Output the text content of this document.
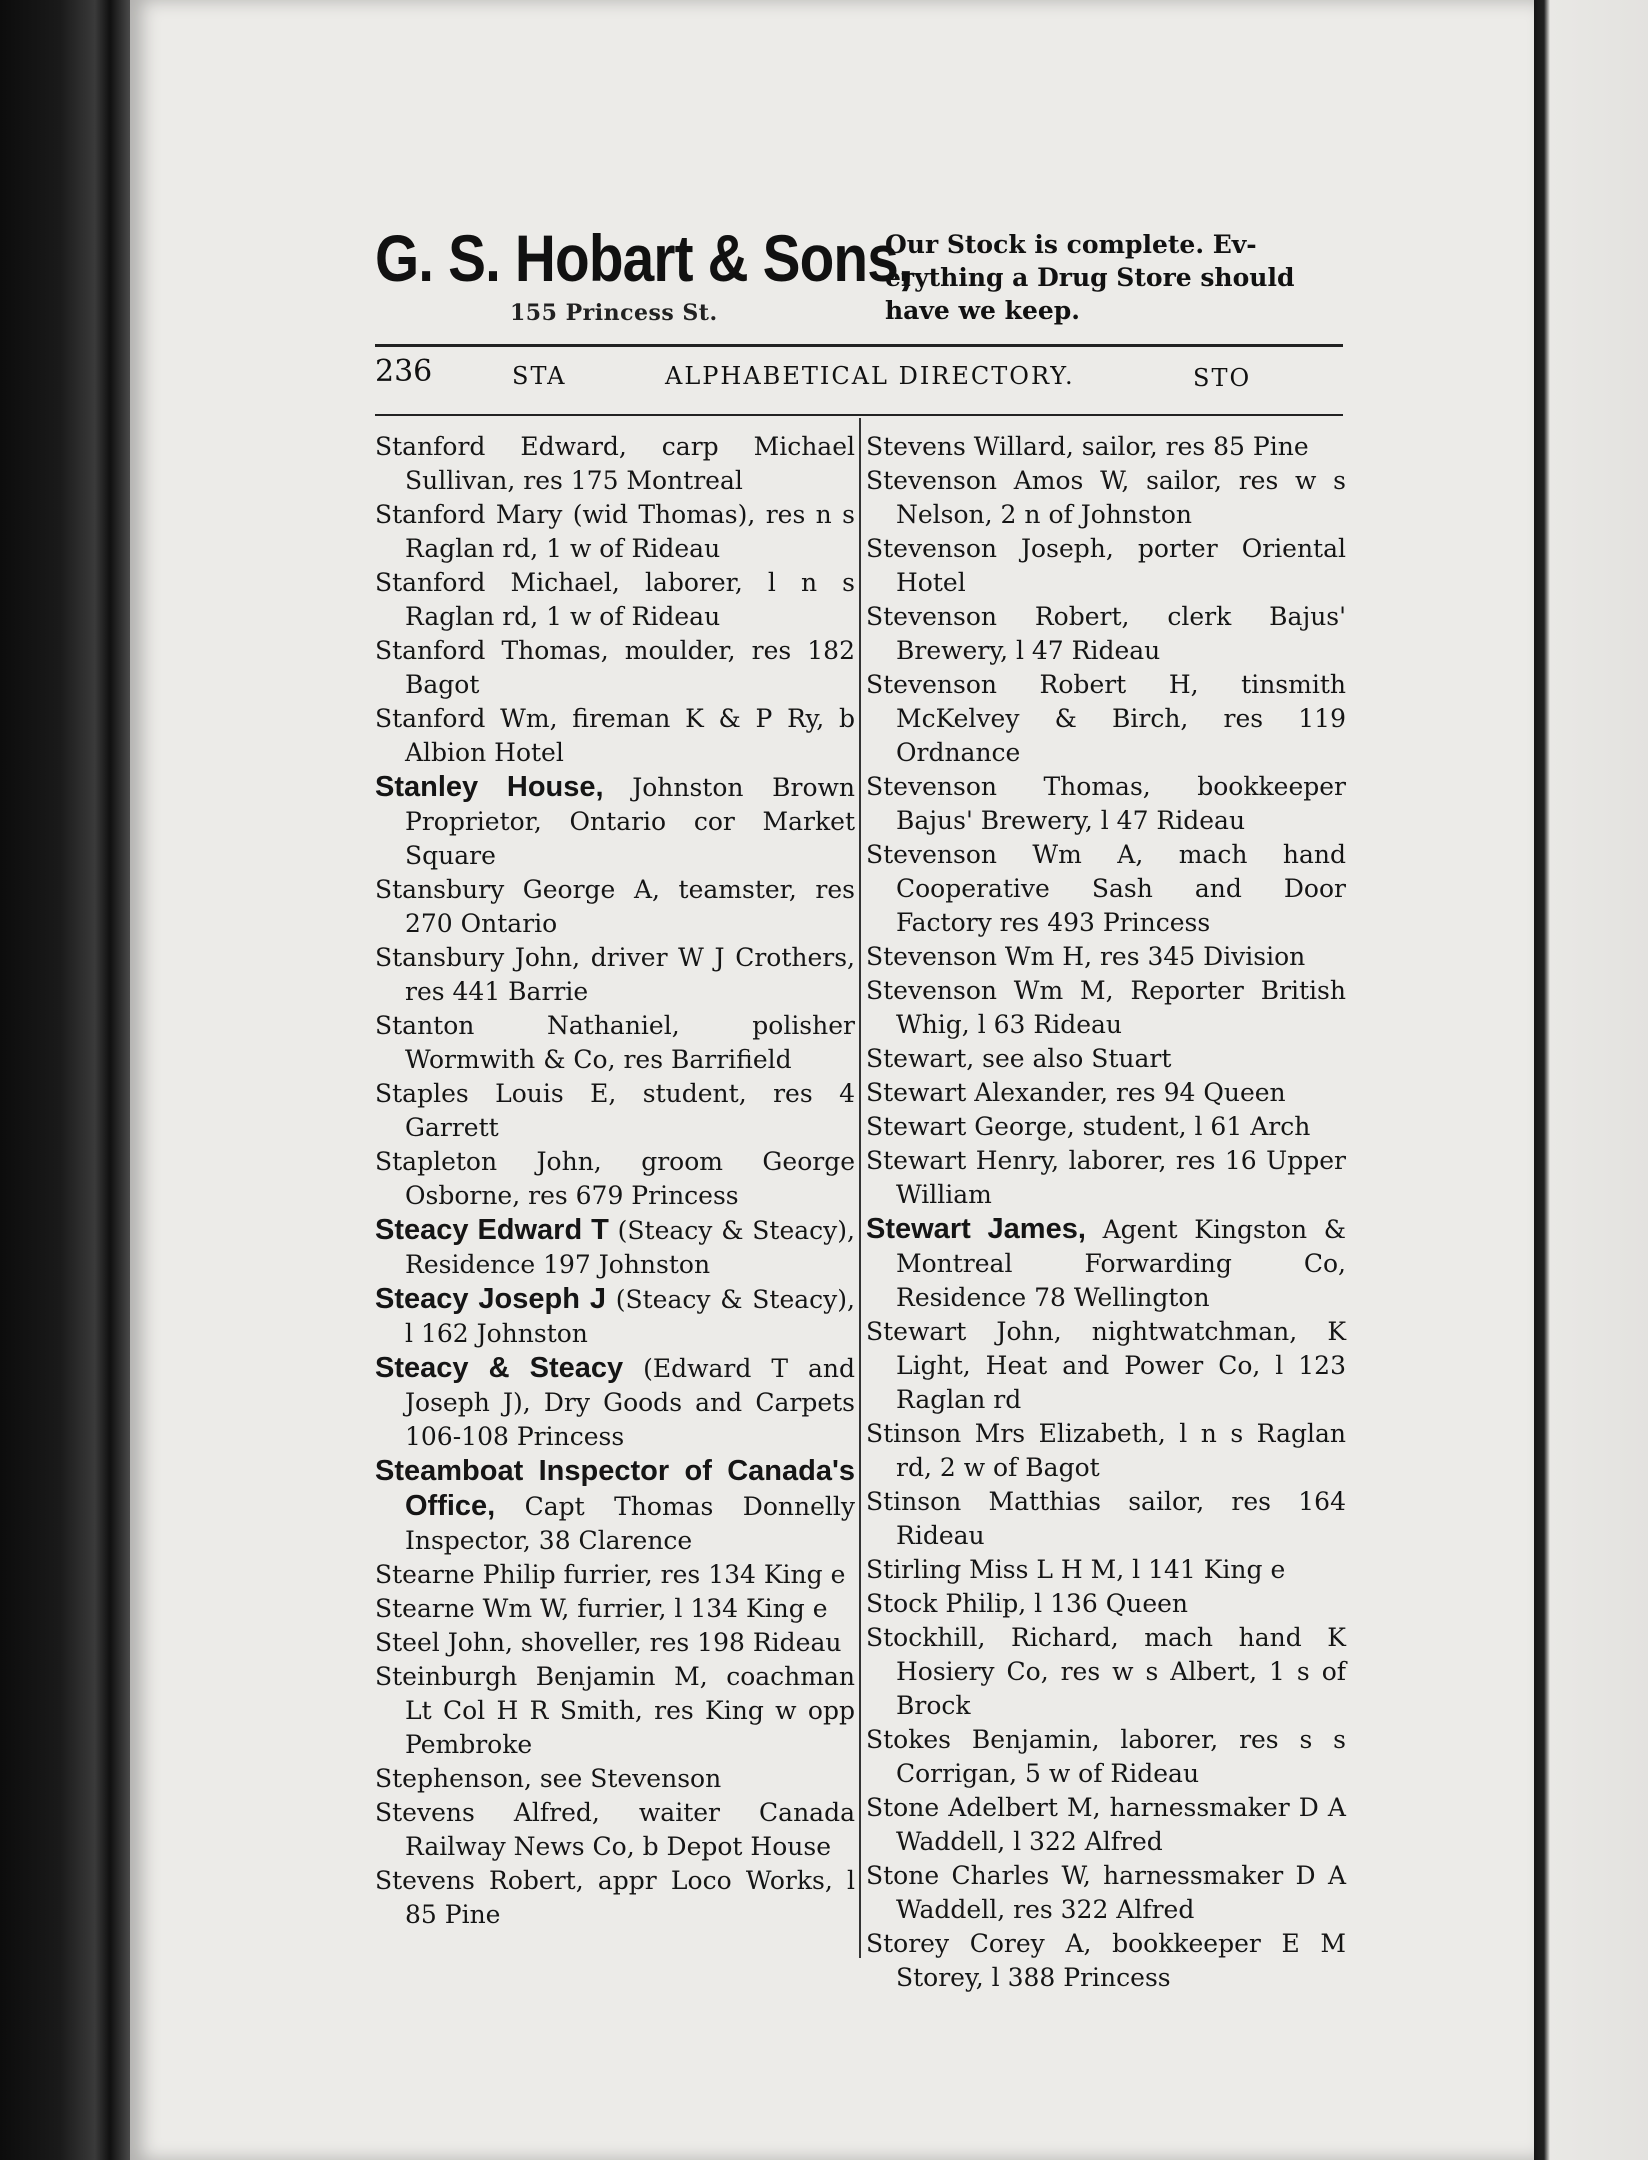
G. S. Hobart & Sons,
155 Princess St.
Our Stock is complete. Ev-
erything a Drug Store should
have we keep.
236	STA	ALPHABETICAL DIRECTORY.	STO

Stanford Edward, carp Michael Sullivan, res 175 Montreal

Stanford Mary (wid Thomas), res n s Raglan rd, 1 w of Rideau

Stanford Michael, laborer, l n s Raglan rd, 1 w of Rideau

Stanford Thomas, moulder, res 182 Bagot

Stanford Wm, fireman K & P Ry, b Albion Hotel

Stanley House, Johnston Brown Proprietor, Ontario cor Market Square

Stansbury George A, teamster, res 270 Ontario

Stansbury John, driver W J Crothers, res 441 Barrie

Stanton Nathaniel, polisher Wormwith & Co, res Barrifield

Staples Louis E, student, res 4 Garrett

Stapleton John, groom George Osborne, res 679 Princess

Steacy Edward T (Steacy & Steacy), Residence 197 Johnston

Steacy Joseph J (Steacy & Steacy), l 162 Johnston

Steacy & Steacy (Edward T and Joseph J), Dry Goods and Carpets 106-108 Princess

Steamboat Inspector of Canada's Office, Capt Thomas Donnelly Inspector, 38 Clarence

Stearne Philip furrier, res 134 King e

Stearne Wm W, furrier, l 134 King e

Steel John, shoveller, res 198 Rideau

Steinburgh Benjamin M, coachman Lt Col H R Smith, res King w opp Pembroke

Stephenson, see Stevenson

Stevens Alfred, waiter Canada Railway News Co, b Depot House

Stevens Robert, appr Loco Works, l 85 Pine

Stevens Willard, sailor, res 85 Pine

Stevenson Amos W, sailor, res w s Nelson, 2 n of Johnston

Stevenson Joseph, porter Oriental Hotel

Stevenson Robert, clerk Bajus' Brewery, l 47 Rideau

Stevenson Robert H, tinsmith McKelvey & Birch, res 119 Ordnance

Stevenson Thomas, bookkeeper Bajus' Brewery, l 47 Rideau

Stevenson Wm A, mach hand Cooperative Sash and Door Factory res 493 Princess

Stevenson Wm H, res 345 Division

Stevenson Wm M, Reporter British Whig, l 63 Rideau

Stewart, see also Stuart

Stewart Alexander, res 94 Queen

Stewart George, student, l 61 Arch

Stewart Henry, laborer, res 16 Upper William

Stewart James, Agent Kingston & Montreal Forwarding Co, Residence 78 Wellington

Stewart John, nightwatchman, K Light, Heat and Power Co, l 123 Raglan rd

Stinson Mrs Elizabeth, l n s Raglan rd, 2 w of Bagot

Stinson Matthias sailor, res 164 Rideau

Stirling Miss L H M, l 141 King e

Stock Philip, l 136 Queen

Stockhill, Richard, mach hand K Hosiery Co, res w s Albert, 1 s of Brock

Stokes Benjamin, laborer, res s s Corrigan, 5 w of Rideau

Stone Adelbert M, harnessmaker D A Waddell, l 322 Alfred

Stone Charles W, harnessmaker D A Waddell, res 322 Alfred

Storey Corey A, bookkeeper E M Storey, l 388 Princess
